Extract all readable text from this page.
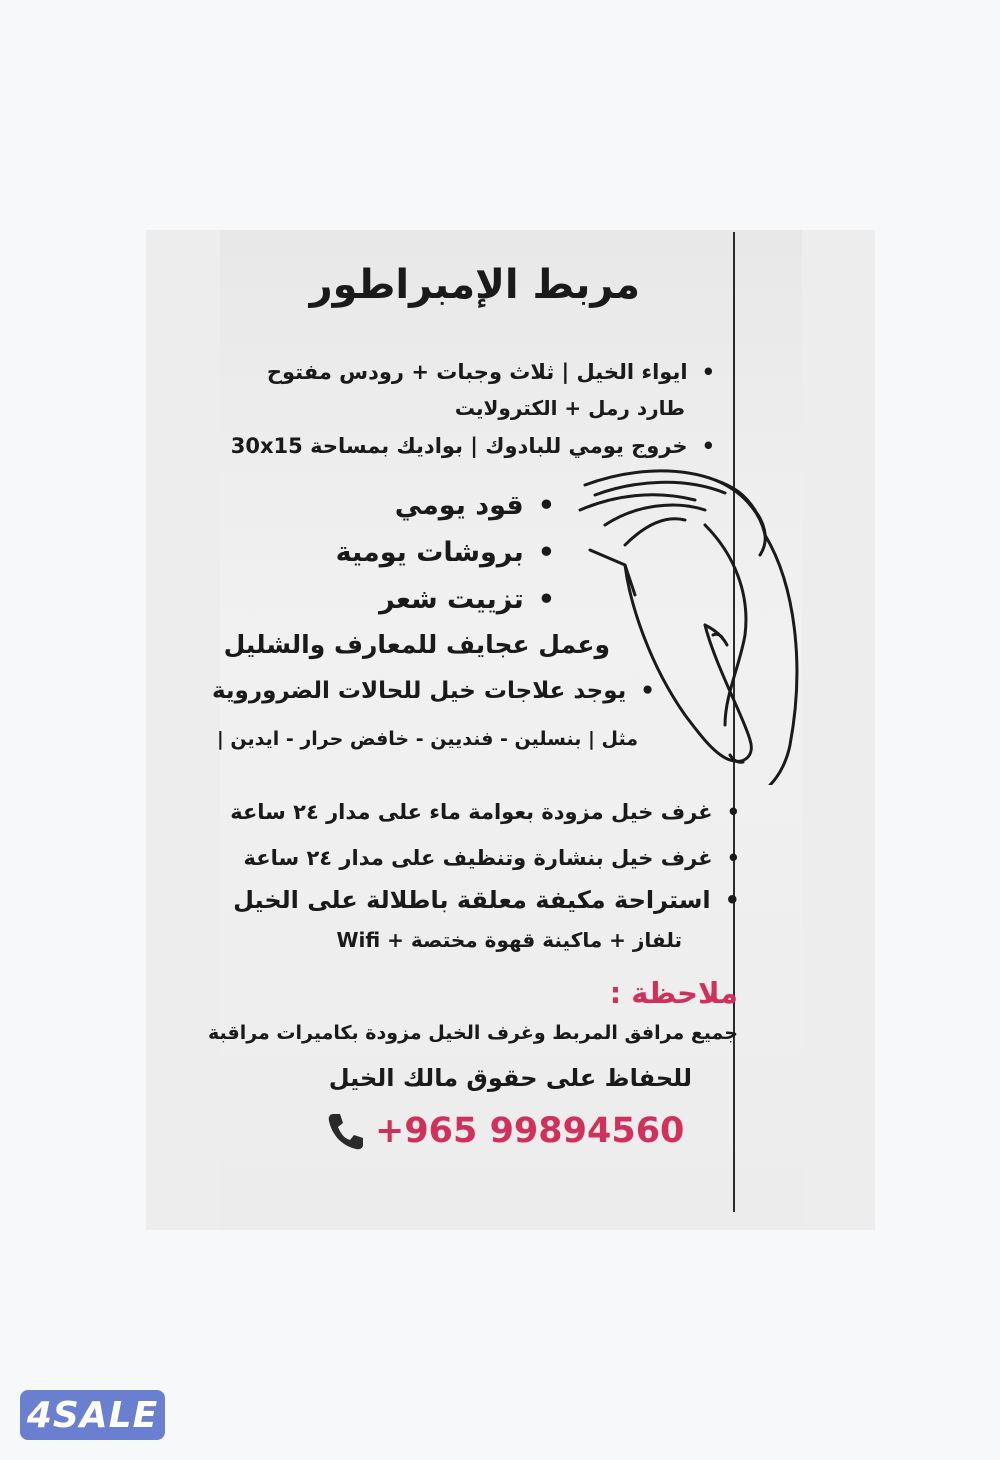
مربط الإمبراطور
• ايواء الخيل | ثلاث وجبات + رودس مفتوح
طارد رمل + الكترولايت
• خروج يومي للبادوك | بواديك بمساحة 30x15
• قود يومي
• بروشات يومية
• تزييت شعر
وعمل عجايف للمعارف والشليل
• يوجد علاجات خيل للحالات الضروروية
مثل | بنسلين - فنديين - خافض حرار - ايدين |
• غرف خيل مزودة بعوامة ماء على مدار ٢٤ ساعة
• غرف خيل بنشارة وتنظيف على مدار ٢٤ ساعة
• استراحة مكيفة معلقة باطلالة على الخيل
تلفاز + ماكينة قهوة مختصة + Wifi
ملاحظة :
جميع مرافق المربط وغرف الخيل مزودة بكاميرات مراقبة
للحفاظ على حقوق مالك الخيل
+965 99894560
4SALE
